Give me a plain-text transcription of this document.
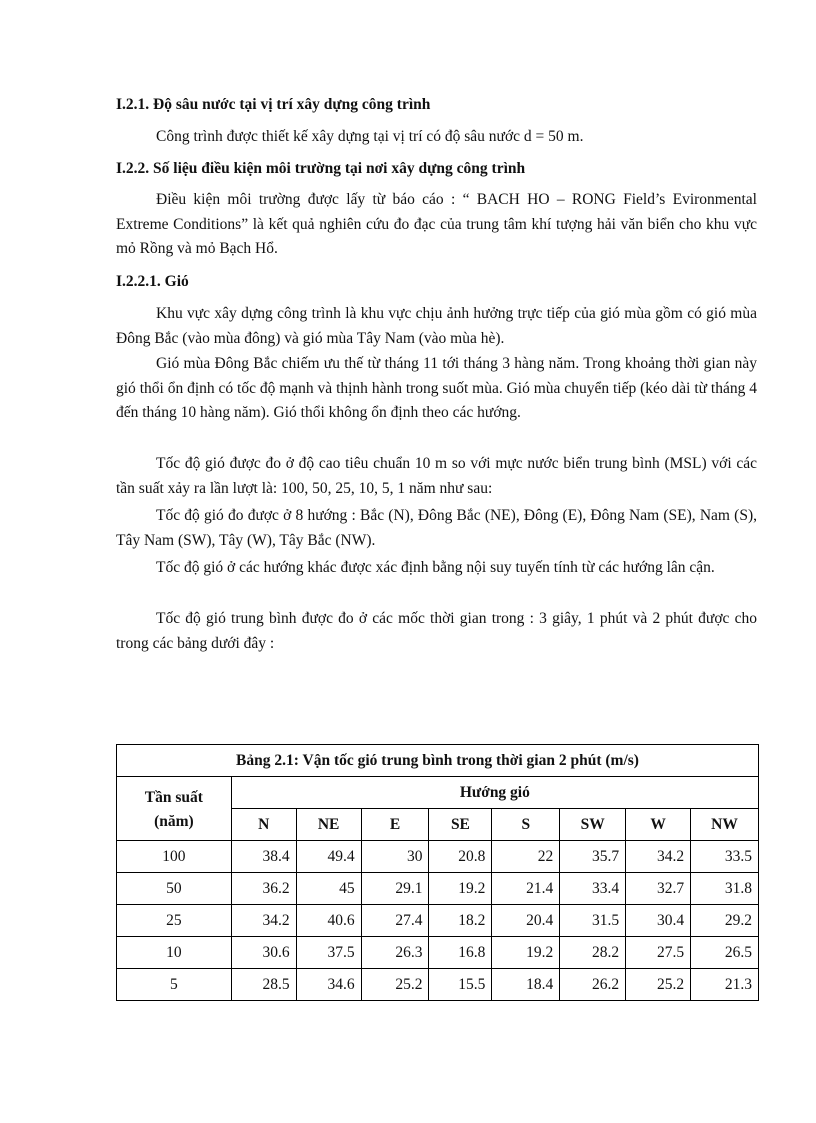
I.2.1. Độ sâu nước tại vị trí xây dựng công trình
Công trình được thiết kế xây dựng tại vị trí có độ sâu nước d = 50 m.
I.2.2. Số liệu điều kiện môi trường tại nơi xây dựng công trình
Điều kiện môi trường được lấy từ báo cáo : “ BACH HO – RONG Field’s Evironmental Extreme Conditions” là kết quả nghiên cứu đo đạc của trung tâm khí tượng hải văn biển cho khu vực mỏ Rồng và mỏ Bạch Hổ.
I.2.2.1. Gió
Khu vực xây dựng công trình là khu vực chịu ảnh hưởng trực tiếp của gió mùa gồm có gió mùa Đông Bắc (vào mùa đông) và gió mùa Tây Nam (vào mùa hè).
Gió mùa Đông Bắc chiếm ưu thế từ tháng 11 tới tháng 3 hàng năm. Trong khoảng thời gian này gió thổi ổn định có tốc độ mạnh và thịnh hành trong suốt mùa. Gió mùa chuyển tiếp (kéo dài từ tháng 4 đến tháng 10 hàng năm). Gió thổi không ổn định theo các hướng.
Tốc độ gió được đo ở độ cao tiêu chuẩn 10 m so với mực nước biển trung bình (MSL) với các tần suất xảy ra lần lượt là: 100, 50, 25, 10, 5, 1 năm như sau:
Tốc độ gió đo được ở 8 hướng : Bắc (N), Đông Bắc (NE), Đông (E), Đông Nam (SE), Nam (S), Tây Nam (SW), Tây (W), Tây Bắc (NW).
Tốc độ gió ở các hướng khác được xác định bằng nội suy tuyến tính từ các hướng lân cận.
Tốc độ gió trung bình được đo ở các mốc thời gian trong : 3 giây, 1 phút và 2 phút được cho trong các bảng dưới đây :
Bảng 2.1: Vận tốc gió trung bình trong thời gian 2 phút (m/s)								
Tần suất
(năm)	Hướng gió							
	N	NE	E	SE	S	SW	W	NW
100	38.4	49.4	30	20.8	22	35.7	34.2	33.5
50	36.2	45	29.1	19.2	21.4	33.4	32.7	31.8
25	34.2	40.6	27.4	18.2	20.4	31.5	30.4	29.2
10	30.6	37.5	26.3	16.8	19.2	28.2	27.5	26.5
5	28.5	34.6	25.2	15.5	18.4	26.2	25.2	21.3
